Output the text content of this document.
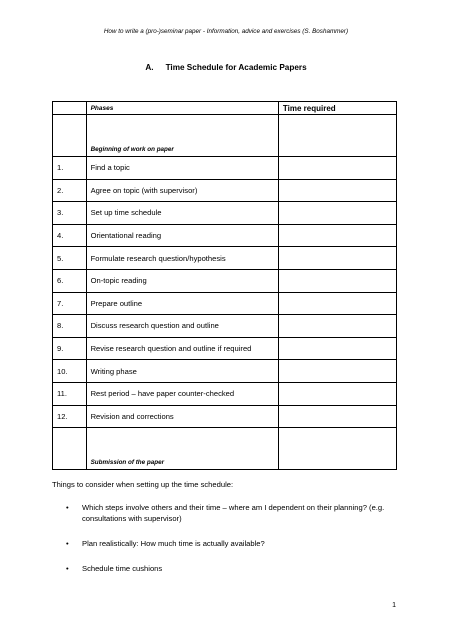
How to write a (pro-)seminar paper - Information, advice and exercises (S. Boshammer)
A. Time Schedule for Academic Papers
	Phases	Time required
	Beginning of work on paper	
1.	Find a topic	
2.	Agree on topic (with supervisor)	
3.	Set up time schedule	
4.	Orientational reading	
5.	Formulate research question/hypothesis	
6.	On-topic reading	
7.	Prepare outline	
8.	Discuss research question and outline	
9.	Revise research question and outline if required	
10.	Writing phase	
11.	Rest period – have paper counter-checked	
12.	Revision and corrections	
	Submission of the paper	
Things to consider when setting up the time schedule:
• Which steps involve others and their time – where am I dependent on their planning? (e.g. consultations with supervisor)
• Plan realistically: How much time is actually available?
• Schedule time cushions
1
